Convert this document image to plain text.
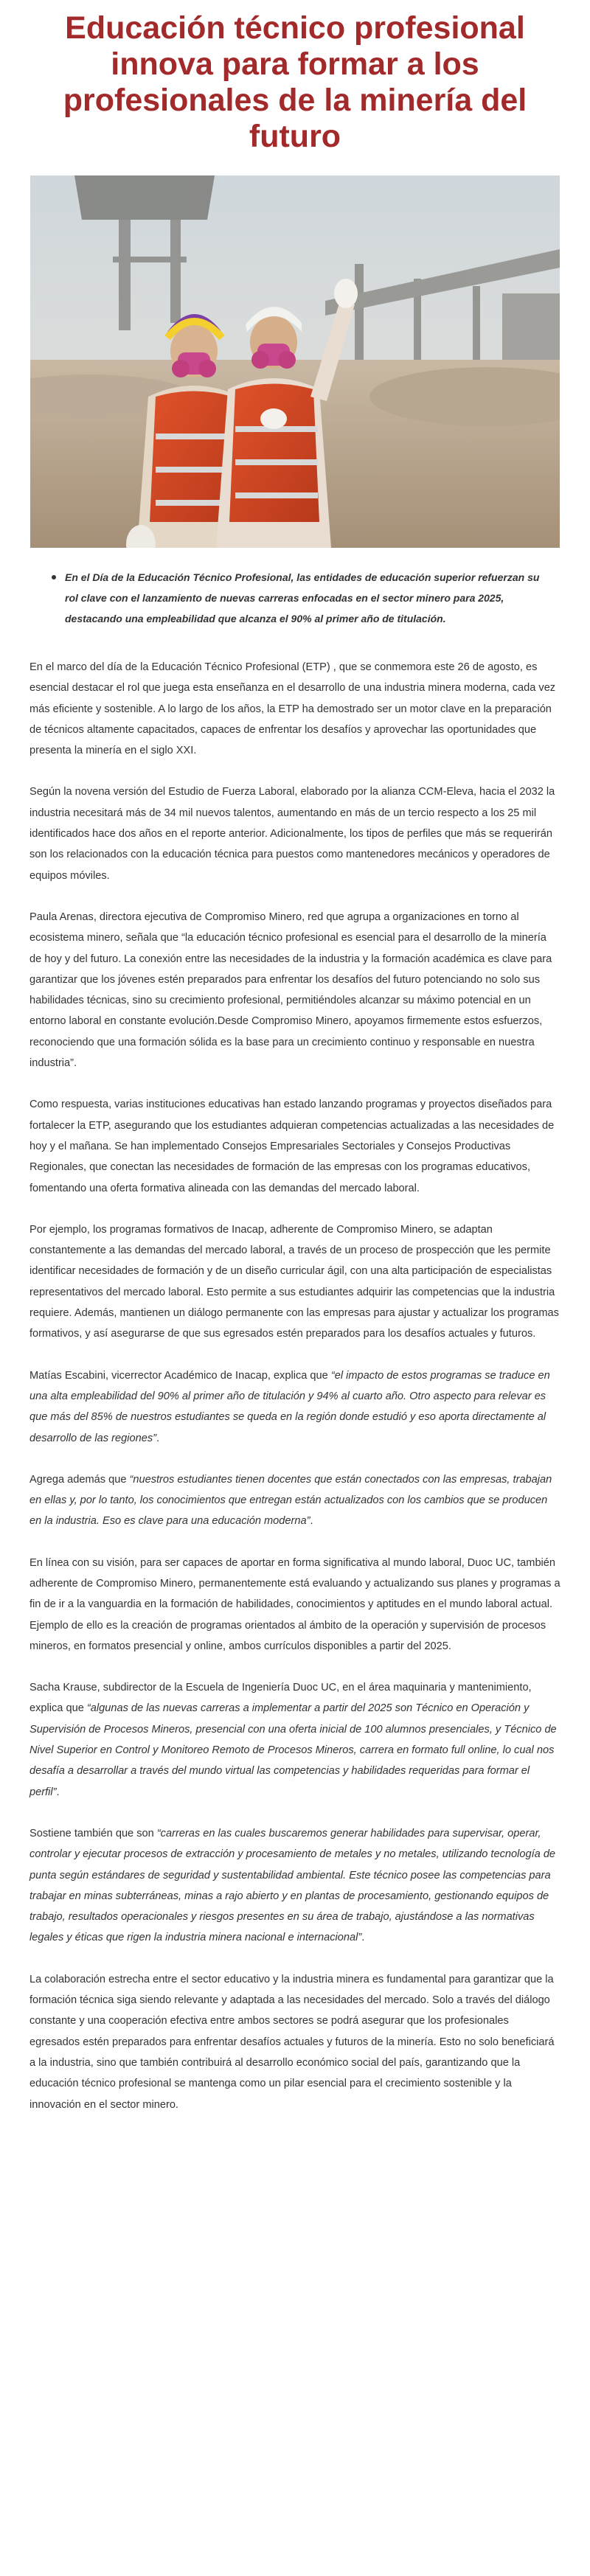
Educación técnico profesional innova para formar a los profesionales de la minería del futuro
En el Día de la Educación Técnico Profesional, las entidades de educación superior refuerzan su rol clave con el lanzamiento de nuevas carreras enfocadas en el sector minero para 2025, destacando una empleabilidad que alcanza el 90% al primer año de titulación.

En el marco del día de la Educación Técnico Profesional (ETP) , que se conmemora este 26 de agosto, es esencial destacar el rol que juega esta enseñanza en el desarrollo de una industria minera moderna, cada vez más eficiente y sostenible. A lo largo de los años, la ETP ha demostrado ser un motor clave en la preparación de técnicos altamente capacitados, capaces de enfrentar los desafíos y aprovechar las oportunidades que presenta la minería en el siglo XXI.

Según la novena versión del Estudio de Fuerza Laboral, elaborado por la alianza CCM-Eleva, hacia el 2032 la industria necesitará más de 34 mil nuevos talentos, aumentando en más de un tercio respecto a los 25 mil identificados hace dos años en el reporte anterior. Adicionalmente, los tipos de perfiles que más se requerirán son los relacionados con la educación técnica para puestos como mantenedores mecánicos y operadores de equipos móviles.

Paula Arenas, directora ejecutiva de Compromiso Minero, red que agrupa a organizaciones en torno al ecosistema minero, señala que “la educación técnico profesional es esencial para el desarrollo de la minería de hoy y del futuro. La conexión entre las necesidades de la industria y la formación académica es clave para garantizar que los jóvenes estén preparados para enfrentar los desafíos del futuro potenciando no solo sus habilidades técnicas, sino su crecimiento profesional, permitiéndoles alcanzar su máximo potencial en un entorno laboral en constante evolución.Desde Compromiso Minero, apoyamos firmemente estos esfuerzos, reconociendo que una formación sólida es la base para un crecimiento continuo y responsable en nuestra industria”.

Como respuesta, varias instituciones educativas han estado lanzando programas y proyectos diseñados para fortalecer la ETP, asegurando que los estudiantes adquieran competencias actualizadas a las necesidades de hoy y el mañana. Se han implementado Consejos Empresariales Sectoriales y Consejos Productivas Regionales, que conectan las necesidades de formación de las empresas con los programas educativos, fomentando una oferta formativa alineada con las demandas del mercado laboral.

Por ejemplo, los programas formativos de Inacap, adherente de Compromiso Minero, se adaptan constantemente a las demandas del mercado laboral, a través de un proceso de prospección que les permite identificar necesidades de formación y de un diseño curricular ágil, con una alta participación de especialistas representativos del mercado laboral. Esto permite a sus estudiantes adquirir las competencias que la industria requiere. Además, mantienen un diálogo permanente con las empresas para ajustar y actualizar los programas formativos, y así asegurarse de que sus egresados estén preparados para los desafíos actuales y futuros.

Matías Escabini, vicerrector Académico de Inacap, explica que “el impacto de estos programas se traduce en una alta empleabilidad del 90% al primer año de titulación y 94% al cuarto año. Otro aspecto para relevar es que más del 85% de nuestros estudiantes se queda en la región donde estudió y eso aporta directamente al desarrollo de las regiones”.

Agrega además que “nuestros estudiantes tienen docentes que están conectados con las empresas, trabajan en ellas y, por lo tanto, los conocimientos que entregan están actualizados con los cambios que se producen en la industria. Eso es clave para una educación moderna”.

En línea con su visión, para ser capaces de aportar en forma significativa al mundo laboral, Duoc UC, también adherente de Compromiso Minero, permanentemente está evaluando y actualizando sus planes y programas a fin de ir a la vanguardia en la formación de habilidades, conocimientos y aptitudes en el mundo laboral actual. Ejemplo de ello es la creación de programas orientados al ámbito de la operación y supervisión de procesos mineros, en formatos presencial y online, ambos currículos disponibles a partir del 2025.

Sacha Krause, subdirector de la Escuela de Ingeniería Duoc UC, en el área maquinaria y mantenimiento, explica que “algunas de las nuevas carreras a implementar a partir del 2025 son Técnico en Operación y Supervisión de Procesos Mineros, presencial con una oferta inicial de 100 alumnos presenciales, y Técnico de Nivel Superior en Control y Monitoreo Remoto de Procesos Mineros, carrera en formato full online, lo cual nos desafía a desarrollar a través del mundo virtual las competencias y habilidades requeridas para formar el perfil”.

Sostiene también que son “carreras en las cuales buscaremos generar habilidades para supervisar, operar, controlar y ejecutar procesos de extracción y procesamiento de metales y no metales, utilizando tecnología de punta según estándares de seguridad y sustentabilidad ambiental. Este técnico posee las competencias para trabajar en minas subterráneas, minas a rajo abierto y en plantas de procesamiento, gestionando equipos de trabajo, resultados operacionales y riesgos presentes en su área de trabajo, ajustándose a las normativas legales y éticas que rigen la industria minera nacional e internacional”.

La colaboración estrecha entre el sector educativo y la industria minera es fundamental para garantizar que la formación técnica siga siendo relevante y adaptada a las necesidades del mercado. Solo a través del diálogo constante y una cooperación efectiva entre ambos sectores se podrá asegurar que los profesionales egresados estén preparados para enfrentar desafíos actuales y futuros de la minería. Esto no solo beneficiará a la industria, sino que también contribuirá al desarrollo económico social del país, garantizando que la educación técnico profesional se mantenga como un pilar esencial para el crecimiento sostenible y la innovación en el sector minero.
